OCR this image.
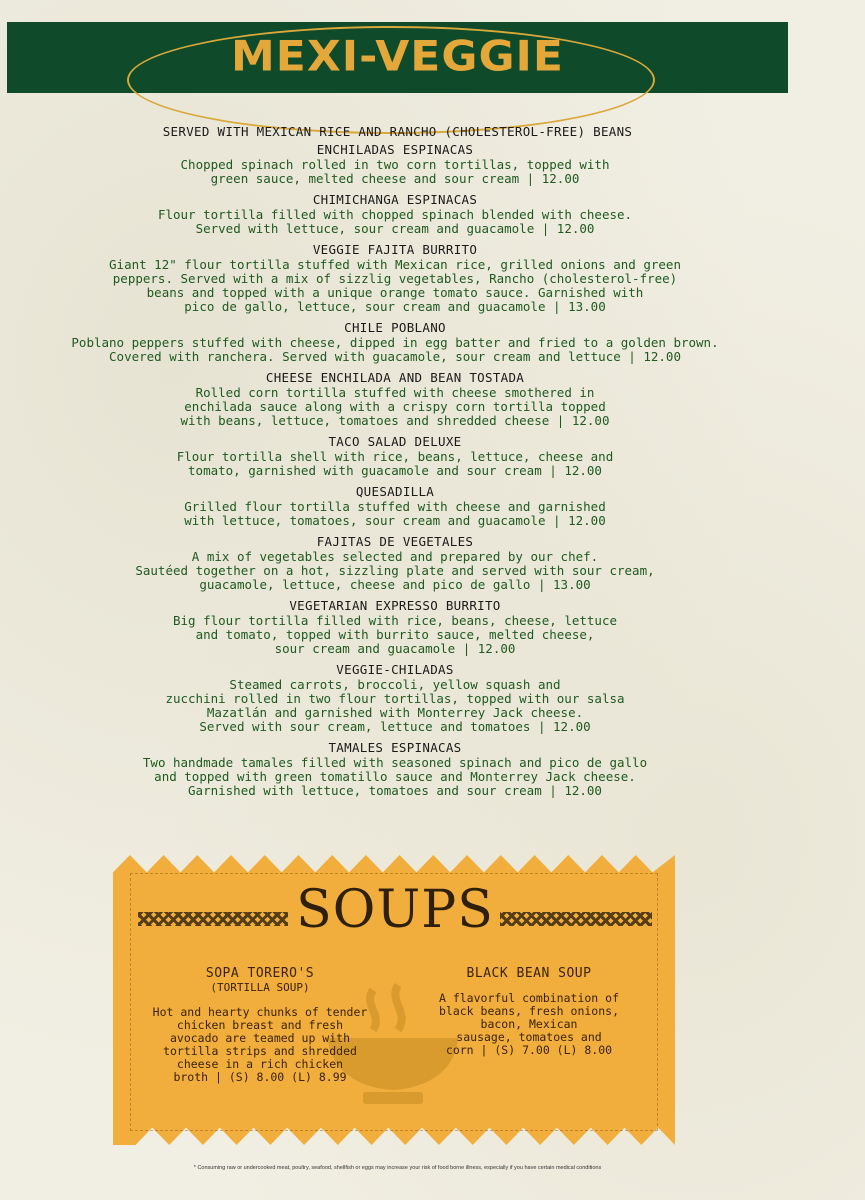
MEXI-VEGGIE
SERVED WITH MEXICAN RICE AND RANCHO (CHOLESTEROL-FREE) BEANS
ENCHILADAS ESPINACAS
Chopped spinach rolled in two corn tortillas, topped with
green sauce, melted cheese and sour cream | 12.00
CHIMICHANGA ESPINACAS
Flour tortilla filled with chopped spinach blended with cheese.
Served with lettuce, sour cream and guacamole | 12.00
VEGGIE FAJITA BURRITO
Giant 12" flour tortilla stuffed with Mexican rice, grilled onions and green
peppers. Served with a mix of sizzlig vegetables, Rancho (cholesterol-free)
beans and topped with a unique orange tomato sauce. Garnished with
pico de gallo, lettuce, sour cream and guacamole | 13.00
CHILE POBLANO
Poblano peppers stuffed with cheese, dipped in egg batter and fried to a golden brown.
Covered with ranchera. Served with guacamole, sour cream and lettuce | 12.00
CHEESE ENCHILADA AND BEAN TOSTADA
Rolled corn tortilla stuffed with cheese smothered in
enchilada sauce along with a crispy corn tortilla topped
with beans, lettuce, tomatoes and shredded cheese | 12.00
TACO SALAD DELUXE
Flour tortilla shell with rice, beans, lettuce, cheese and
tomato, garnished with guacamole and sour cream | 12.00
QUESADILLA
Grilled flour tortilla stuffed with cheese and garnished
with lettuce, tomatoes, sour cream and guacamole | 12.00
FAJITAS DE VEGETALES
A mix of vegetables selected and prepared by our chef.
Sautéed together on a hot, sizzling plate and served with sour cream,
guacamole, lettuce, cheese and pico de gallo | 13.00
VEGETARIAN EXPRESSO BURRITO
Big flour tortilla filled with rice, beans, cheese, lettuce
and tomato, topped with burrito sauce, melted cheese,
sour cream and guacamole | 12.00
VEGGIE-CHILADAS
Steamed carrots, broccoli, yellow squash and
zucchini rolled in two flour tortillas, topped with our salsa
Mazatlán and garnished with Monterrey Jack cheese.
Served with sour cream, lettuce and tomatoes | 12.00
TAMALES ESPINACAS
Two handmade tamales filled with seasoned spinach and pico de gallo
and topped with green tomatillo sauce and Monterrey Jack cheese.
Garnished with lettuce, tomatoes and sour cream | 12.00
SOUPS
SOPA TORERO'S
(TORTILLA SOUP)
Hot and hearty chunks of tender
chicken breast and fresh
avocado are teamed up with
tortilla strips and shredded
cheese in a rich chicken
broth | (S) 8.00 (L) 8.99
BLACK BEAN SOUP
A flavorful combination of
black beans, fresh onions,
bacon, Mexican
sausage, tomatoes and
corn | (S) 7.00 (L) 8.00
* Consuming raw or undercooked meat, poultry, seafood, shellfish or eggs may increase your risk of food borne illness, especially if you have certain medical conditions
